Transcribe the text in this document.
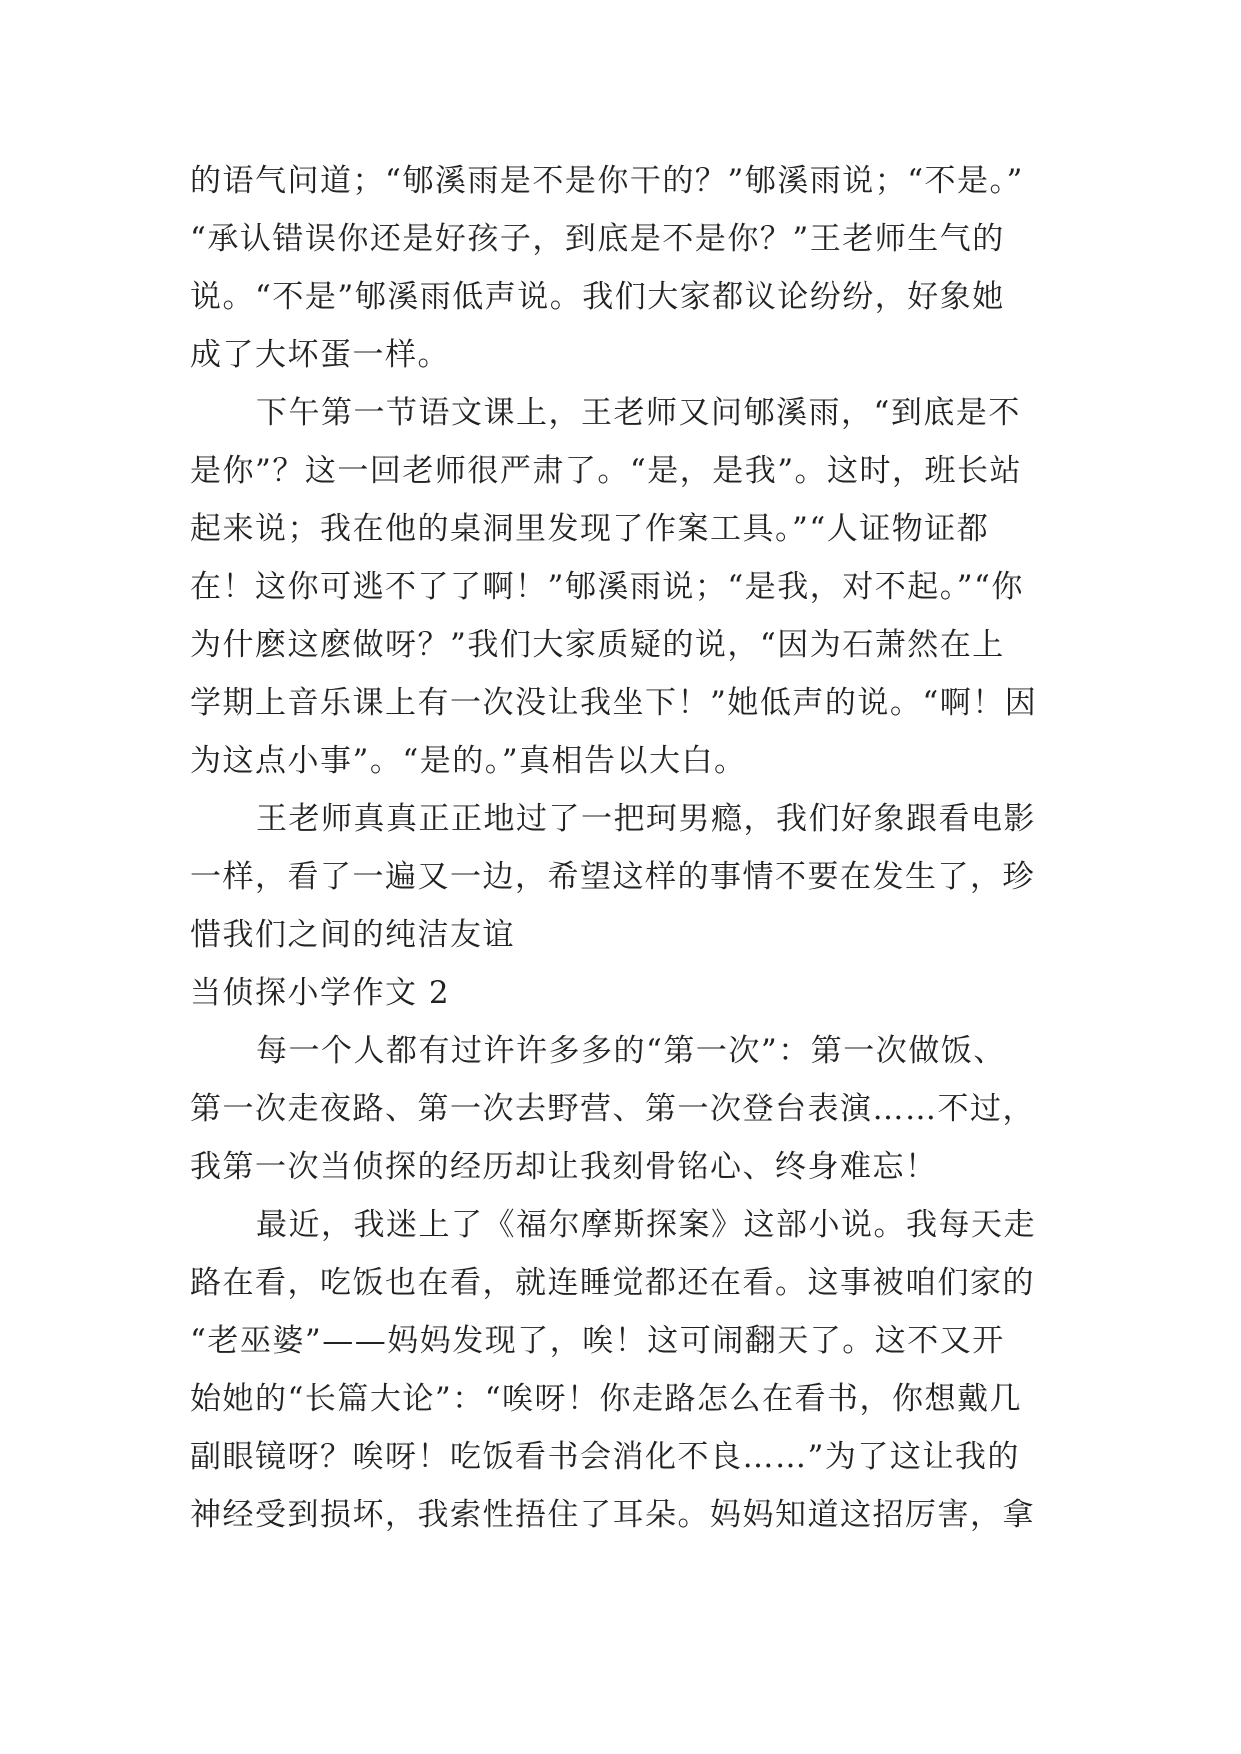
的语气问道；“郇溪雨是不是你干的？”郇溪雨说；“不是。”
“承认错误你还是好孩子，到底是不是你？”王老师生气的
说。“不是”郇溪雨低声说。我们大家都议论纷纷，好象她
成了大坏蛋一样。
下午第一节语文课上，王老师又问郇溪雨，“到底是不
是你”？这一回老师很严肃了。“是，是我”。这时，班长站
起来说；我在他的桌洞里发现了作案工具。”“人证物证都
在！这你可逃不了了啊！”郇溪雨说；“是我，对不起。”“你
为什麽这麽做呀？”我们大家质疑的说，“因为石萧然在上
学期上音乐课上有一次没让我坐下！”她低声的说。“啊！因
为这点小事”。“是的。”真相告以大白。
王老师真真正正地过了一把珂男瘾，我们好象跟看电影
一样，看了一遍又一边，希望这样的事情不要在发生了，珍
惜我们之间的纯洁友谊
当侦探小学作文 2
每一个人都有过许许多多的“第一次”：第一次做饭、
第一次走夜路、第一次去野营、第一次登台表演……不过，
我第一次当侦探的经历却让我刻骨铭心、终身难忘！
最近，我迷上了《福尔摩斯探案》这部小说。我每天走
路在看，吃饭也在看，就连睡觉都还在看。这事被咱们家的
“老巫婆”——妈妈发现了，唉！这可闹翻天了。这不又开
始她的“长篇大论”：“唉呀！你走路怎么在看书，你想戴几
副眼镜呀？唉呀！吃饭看书会消化不良……”为了这让我的
神经受到损坏，我索性捂住了耳朵。妈妈知道这招厉害，拿
